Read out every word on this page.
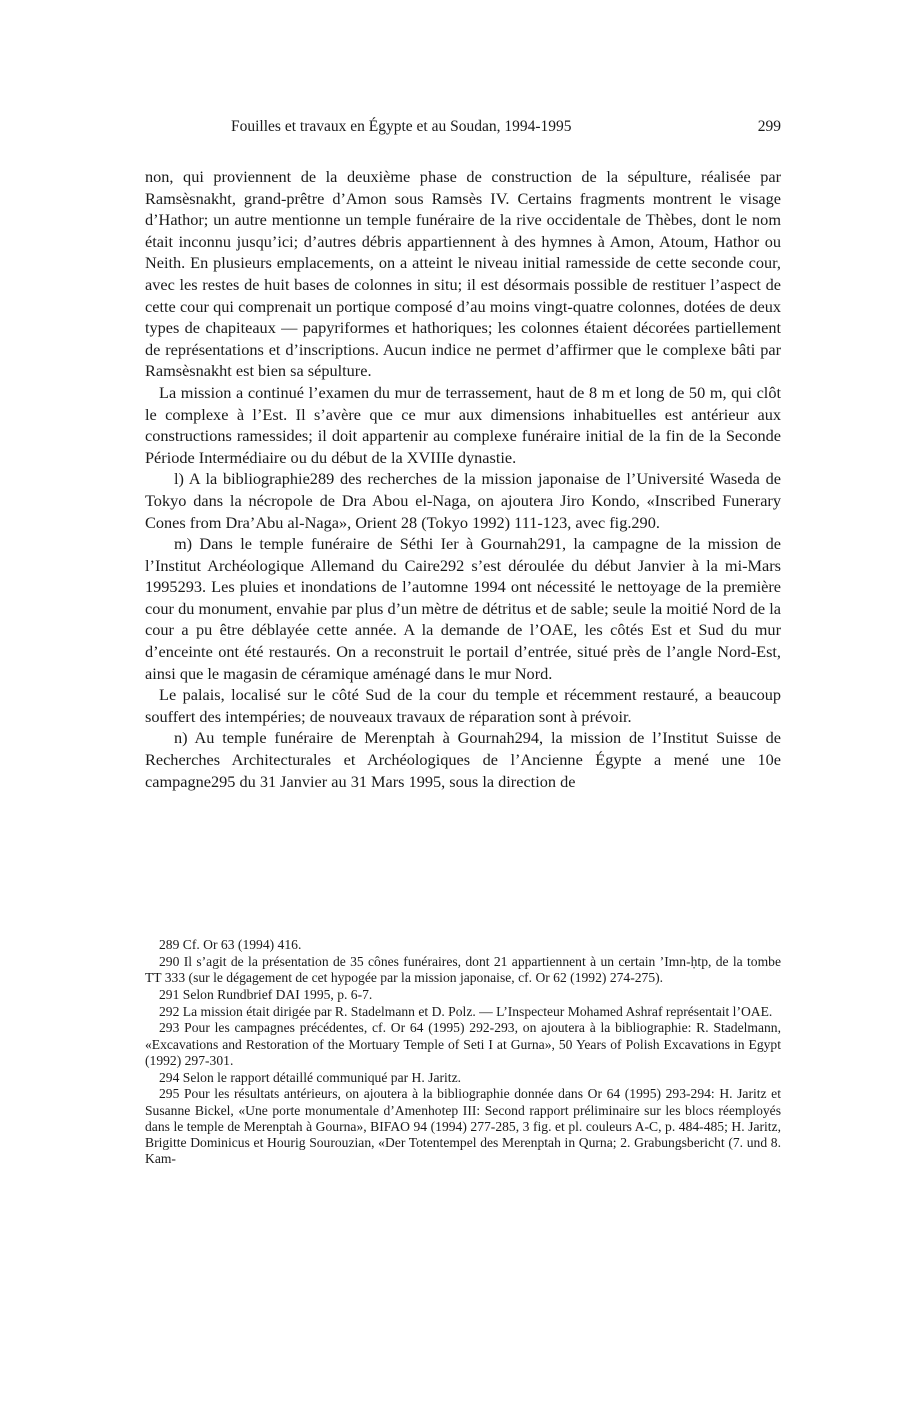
Fouilles et travaux en Égypte et au Soudan, 1994-1995	299

non, qui proviennent de la deuxième phase de construction de la sépulture, réalisée par Ramsèsnakht, grand-prêtre d’Amon sous Ramsès IV. Certains fragments montrent le visage d’Hathor; un autre mentionne un temple funéraire de la rive occidentale de Thèbes, dont le nom était inconnu jusqu’ici; d’autres débris appartiennent à des hymnes à Amon, Atoum, Hathor ou Neith. En plusieurs emplacements, on a atteint le niveau initial ramesside de cette seconde cour, avec les restes de huit bases de colonnes in situ; il est désormais possible de restituer l’aspect de cette cour qui comprenait un portique composé d’au moins vingt-quatre colonnes, dotées de deux types de chapiteaux — papyriformes et hathoriques; les colonnes étaient décorées partiellement de représentations et d’inscriptions. Aucun indice ne permet d’affirmer que le complexe bâti par Ramsèsnakht est bien sa sépulture.

La mission a continué l’examen du mur de terrassement, haut de 8 m et long de 50 m, qui clôt le complexe à l’Est. Il s’avère que ce mur aux dimensions inhabituelles est antérieur aux constructions ramessides; il doit appartenir au complexe funéraire initial de la fin de la Seconde Période Intermédiaire ou du début de la XVIIIe dynastie.

l) A la bibliographie289 des recherches de la mission japonaise de l’Université Waseda de Tokyo dans la nécropole de Dra Abou el-Naga, on ajoutera Jiro Kondo, «Inscribed Funerary Cones from Dra’Abu al-Naga», Orient 28 (Tokyo 1992) 111-123, avec fig.290.

m) Dans le temple funéraire de Séthi Ier à Gournah291, la campagne de la mission de l’Institut Archéologique Allemand du Caire292 s’est déroulée du début Janvier à la mi-Mars 1995293. Les pluies et inondations de l’automne 1994 ont nécessité le nettoyage de la première cour du monument, envahie par plus d’un mètre de détritus et de sable; seule la moitié Nord de la cour a pu être déblayée cette année. A la demande de l’OAE, les côtés Est et Sud du mur d’enceinte ont été restaurés. On a reconstruit le portail d’entrée, situé près de l’angle Nord-Est, ainsi que le magasin de céramique aménagé dans le mur Nord.

Le palais, localisé sur le côté Sud de la cour du temple et récemment restauré, a beaucoup souffert des intempéries; de nouveaux travaux de réparation sont à prévoir.

n) Au temple funéraire de Merenptah à Gournah294, la mission de l’Institut Suisse de Recherches Architecturales et Archéologiques de l’Ancienne Égypte a mené une 10e campagne295 du 31 Janvier au 31 Mars 1995, sous la direction de

289 Cf. Or 63 (1994) 416.

290 Il s’agit de la présentation de 35 cônes funéraires, dont 21 appartiennent à un certain ’Imn-ḥtp, de la tombe TT 333 (sur le dégagement de cet hypogée par la mission japonaise, cf. Or 62 (1992) 274-275).

291 Selon Rundbrief DAI 1995, p. 6-7.

292 La mission était dirigée par R. Stadelmann et D. Polz. — L’Inspecteur Mohamed Ashraf représentait l’OAE.

293 Pour les campagnes précédentes, cf. Or 64 (1995) 292-293, on ajoutera à la bibliographie: R. Stadelmann, «Excavations and Restoration of the Mortuary Temple of Seti I at Gurna», 50 Years of Polish Excavations in Egypt (1992) 297-301.

294 Selon le rapport détaillé communiqué par H. Jaritz.

295 Pour les résultats antérieurs, on ajoutera à la bibliographie donnée dans Or 64 (1995) 293-294: H. Jaritz et Susanne Bickel, «Une porte monumentale d’Amenhotep III: Second rapport préliminaire sur les blocs réemployés dans le temple de Merenptah à Gourna», BIFAO 94 (1994) 277-285, 3 fig. et pl. couleurs A-C, p. 484-485; H. Jaritz, Brigitte Dominicus et Hourig Sourouzian, «Der Totentempel des Merenptah in Qurna; 2. Grabungsbericht (7. und 8. Kam-
